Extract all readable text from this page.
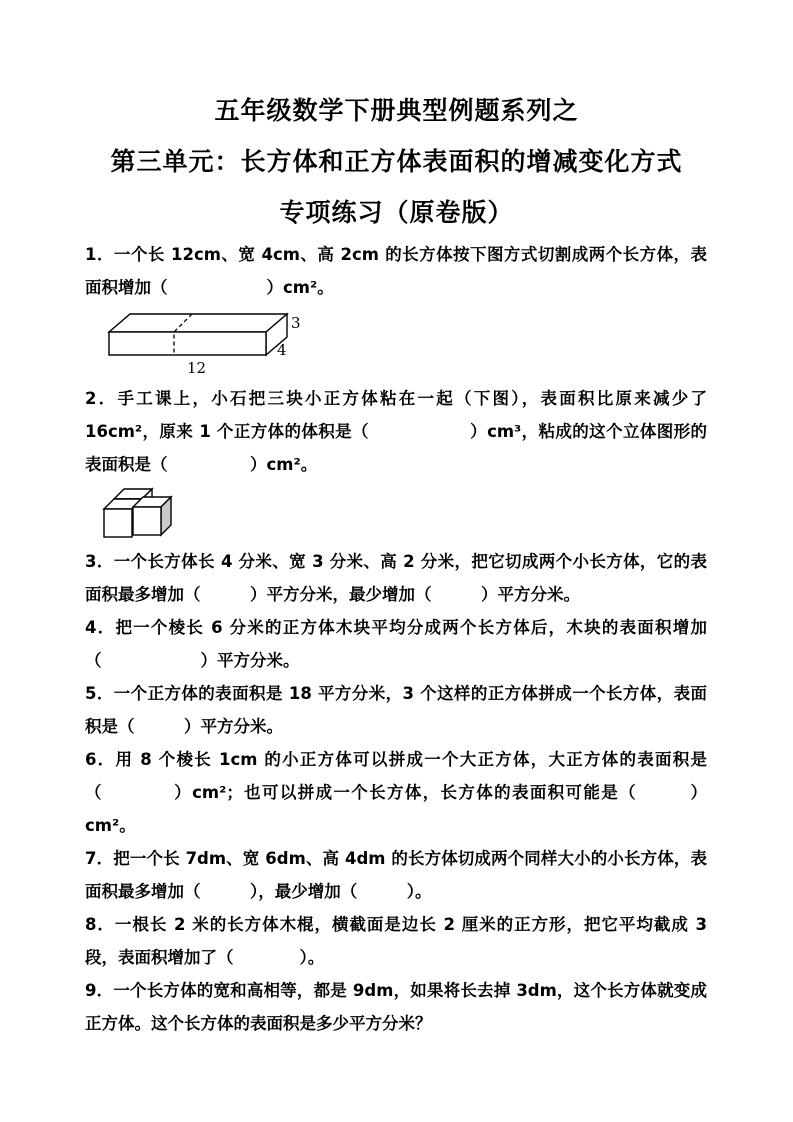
五年级数学下册典型例题系列之
第三单元：长方体和正方体表面积的增减变化方式
专项练习（原卷版）

1．一个长 12cm、宽 4cm、高 2cm 的长方体按下图方式切割成两个长方体，表面积增加（　　　　　　）cm²。

12
3
4

2．手工课上，小石把三块小正方体粘在一起（下图），表面积比原来减少了 16cm²，原来 1 个正方体的体积是（　　　　　　）cm³，粘成的这个立体图形的表面积是（　　　　　）cm²。

3．一个长方体长 4 分米、宽 3 分米、高 2 分米，把它切成两个小长方体，它的表面积最多增加（　　　）平方分米，最少增加（　　　）平方分米。

4．把一个棱长 6 分米的正方体木块平均分成两个长方体后，木块的表面积增加（　　　　　　）平方分米。

5．一个正方体的表面积是 18 平方分米，3 个这样的正方体拼成一个长方体，表面积是（　　　）平方分米。

6．用 8 个棱长 1cm 的小正方体可以拼成一个大正方体，大正方体的表面积是（　　　　）cm²；也可以拼成一个长方体，长方体的表面积可能是（　　　）cm²。

7．把一个长 7dm、宽 6dm、高 4dm 的长方体切成两个同样大小的小长方体，表面积最多增加（　　　），最少增加（　　　）。

8．一根长 2 米的长方体木棍，横截面是边长 2 厘米的正方形，把它平均截成 3 段，表面积增加了（　　　　）。

9．一个长方体的宽和高相等，都是 9dm，如果将长去掉 3dm，这个长方体就变成正方体。这个长方体的表面积是多少平方分米？
